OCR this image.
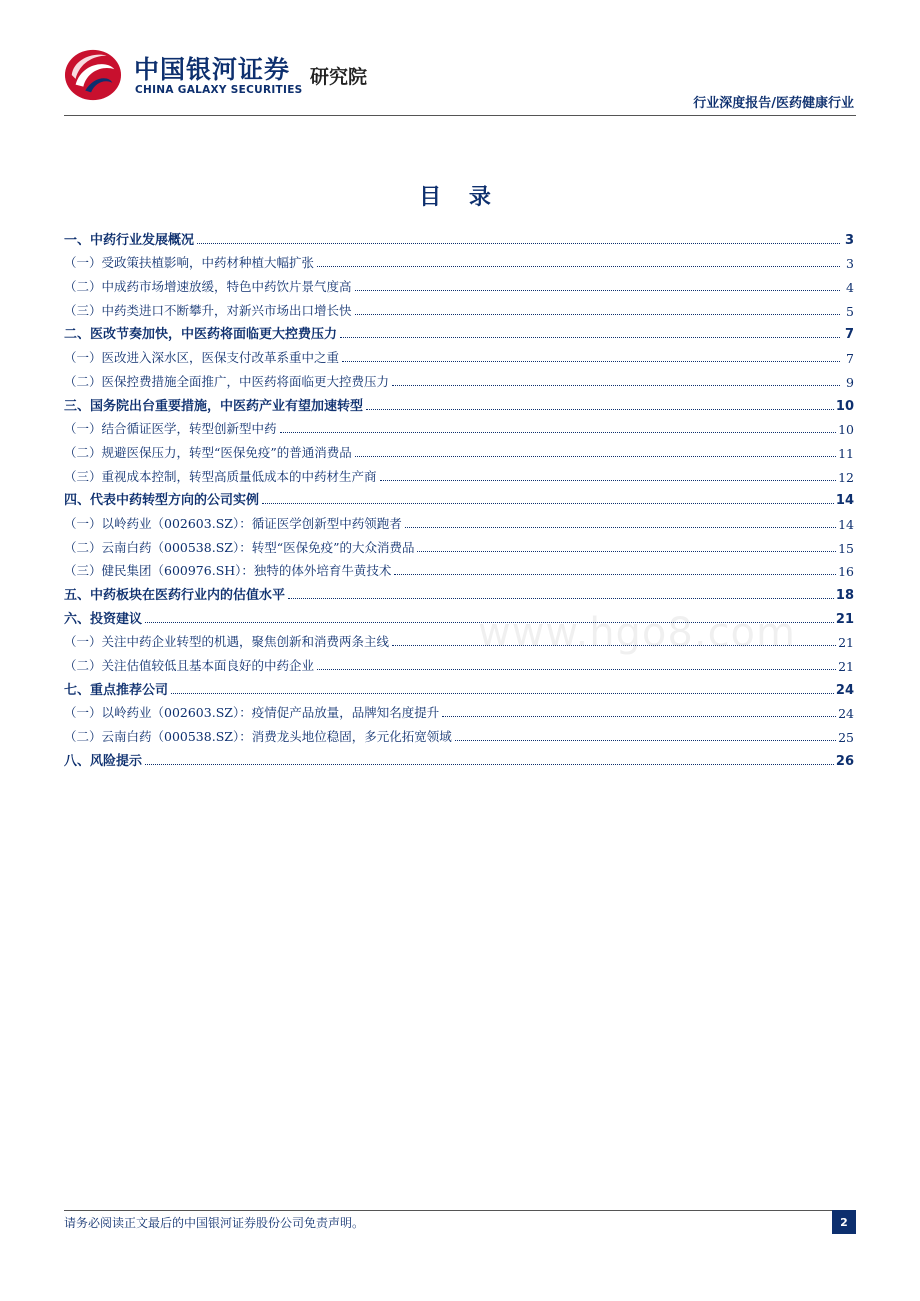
中国银河证券
CHINA GALAXY SECURITIES
研究院
行业深度报告/医药健康行业
目 录
一、中药行业发展概况	3
（一）受政策扶植影响，中药材种植大幅扩张	3
（二）中成药市场增速放缓，特色中药饮片景气度高	4
（三）中药类进口不断攀升，对新兴市场出口增长快	5
二、医改节奏加快，中医药将面临更大控费压力	7
（一）医改进入深水区，医保支付改革系重中之重	7
（二）医保控费措施全面推广，中医药将面临更大控费压力	9
三、国务院出台重要措施，中医药产业有望加速转型	10
（一）结合循证医学，转型创新型中药	10
（二）规避医保压力，转型“医保免疫”的普通消费品	11
（三）重视成本控制，转型高质量低成本的中药材生产商	12
四、代表中药转型方向的公司实例	14
（一）以岭药业（002603.SZ）：循证医学创新型中药领跑者	14
（二）云南白药（000538.SZ）：转型“医保免疫”的大众消费品	15
（三）健民集团（600976.SH）：独特的体外培育牛黄技术	16
五、中药板块在医药行业内的估值水平	18
六、投资建议	21
（一）关注中药企业转型的机遇，聚焦创新和消费两条主线	21
（二）关注估值较低且基本面良好的中药企业	21
七、重点推荐公司	24
（一）以岭药业（002603.SZ）：疫情促产品放量，品牌知名度提升	24
（二）云南白药（000538.SZ）：消费龙头地位稳固，多元化拓宽领域	25
八、风险提示	26
www.hgo8.com
请务必阅读正文最后的中国银河证券股份公司免责声明。	2
